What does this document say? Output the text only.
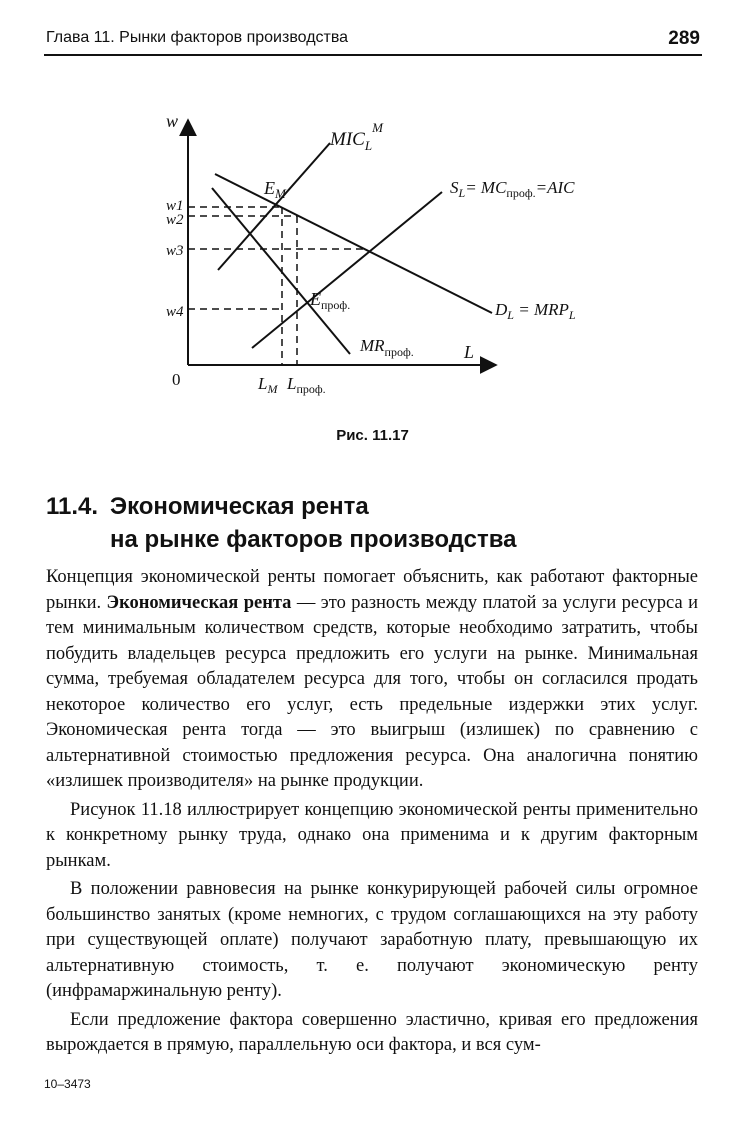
Глава 11. Рынки факторов производства	289
w
L
0
w1
w2
w3
w4
$MIC_L^M$
$E_M$	$S_L= MC_{проф.}=AIC$
$E_{проф.}$	$D_L = MRP_L$
$MR_{проф.}$
$L_M$ $L_{проф.}$
Рис. 11.17
11.4. Экономическая рента
на рынке факторов производства

Концепция экономической ренты помогает объяснить, как работают факторные рынки. Экономическая рента — это разность между платой за услуги ресурса и тем минимальным количеством средств, которые необходимо затратить, чтобы побудить владельцев ресурса предложить его услуги на рынке. Минимальная сумма, требуемая обладателем ресурса для того, чтобы он согласился продать некоторое количество его услуг, есть предельные издержки этих услуг. Экономическая рента тогда — это выигрыш (излишек) по сравнению с альтернативной стоимостью предложения ресурса. Она аналогична понятию «излишек производителя» на рынке продукции.

Рисунок 11.18 иллюстрирует концепцию экономической ренты применительно к конкретному рынку труда, однако она применима и к другим факторным рынкам.

В положении равновесия на рынке конкурирующей рабочей силы огромное большинство занятых (кроме немногих, с трудом соглашающихся на эту работу при существующей оплате) получают заработную плату, превышающую их альтернативную стоимость, т. е. получают экономическую ренту (инфрамаржинальную ренту).

Если предложение фактора совершенно эластично, кривая его предложения вырождается в прямую, параллельную оси фактора, и вся сум-

10–3473
